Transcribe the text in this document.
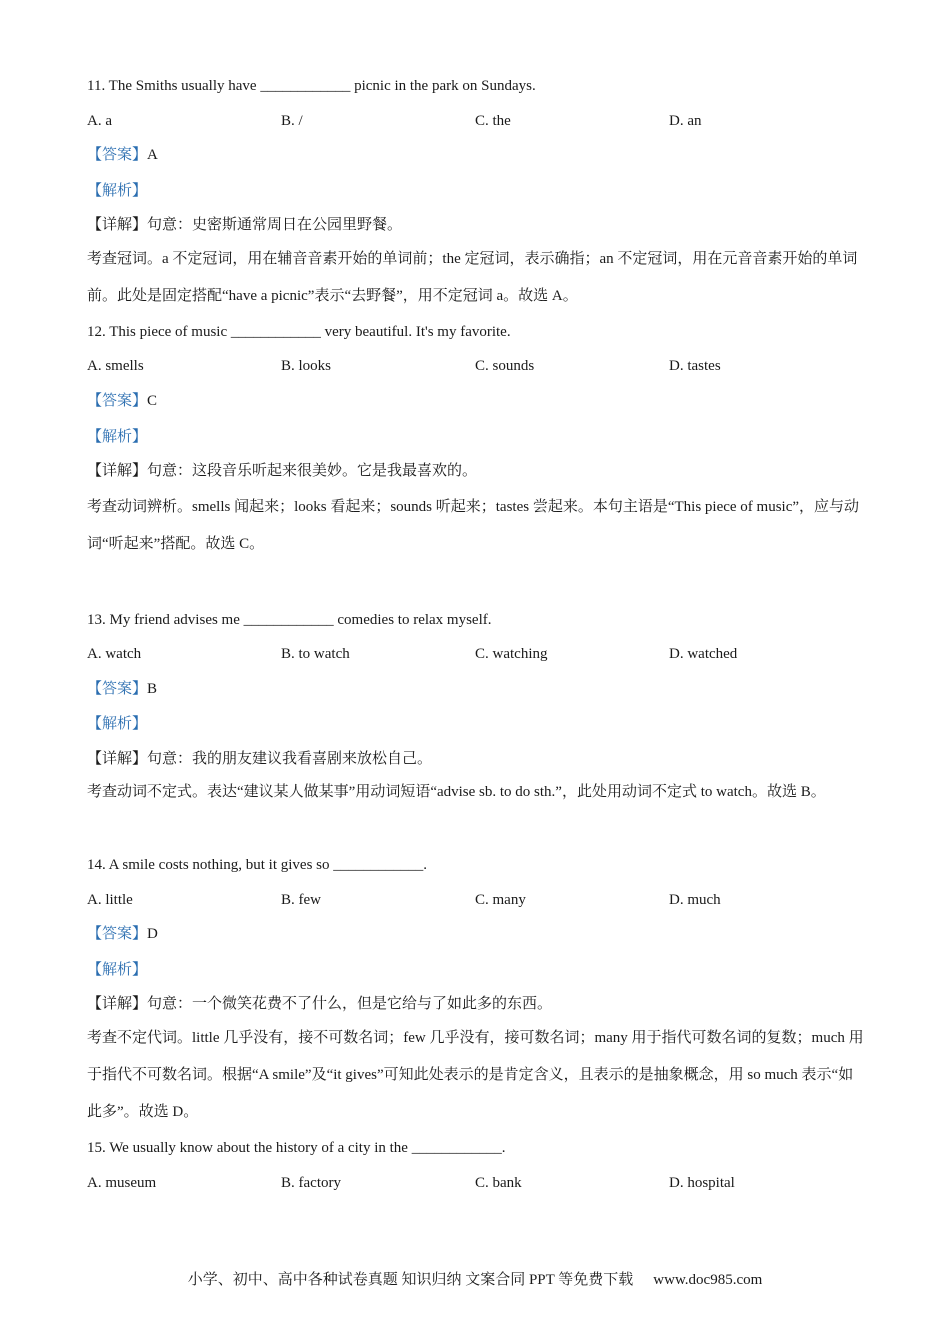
11. The Smiths usually have ____________ picnic in the park on Sundays.
A. a	B. /	C. the	D. an
【答案】A
【解析】
【详解】句意：史密斯通常周日在公园里野餐。
考查冠词。a 不定冠词，用在辅音音素开始的单词前；the 定冠词，表示确指；an 不定冠词，用在元音音素开始的单词前。此处是固定搭配“have a picnic”表示“去野餐”，用不定冠词 a。故选 A。
12. This piece of music ____________ very beautiful. It's my favorite.
A. smells	B. looks	C. sounds	D. tastes
【答案】C
【解析】
【详解】句意：这段音乐听起来很美妙。它是我最喜欢的。
考查动词辨析。smells 闻起来；looks 看起来；sounds 听起来；tastes 尝起来。本句主语是“This piece of music”，应与动词“听起来”搭配。故选 C。
13. My friend advises me ____________ comedies to relax myself.
A. watch	B. to watch	C. watching	D. watched
【答案】B
【解析】
【详解】句意：我的朋友建议我看喜剧来放松自己。
考查动词不定式。表达“建议某人做某事”用动词短语“advise sb. to do sth.”，此处用动词不定式 to watch。故选 B。
14. A smile costs nothing, but it gives so ____________.
A. little	B. few	C. many	D. much
【答案】D
【解析】
【详解】句意：一个微笑花费不了什么，但是它给与了如此多的东西。
考查不定代词。little 几乎没有，接不可数名词；few 几乎没有，接可数名词；many 用于指代可数名词的复数；much 用于指代不可数名词。根据“A smile”及“it gives”可知此处表示的是肯定含义，且表示的是抽象概念，用 so much 表示“如此多”。故选 D。
15. We usually know about the history of a city in the ____________.
A. museum	B. factory	C. bank	D. hospital
小学、初中、高中各种试卷真题 知识归纳 文案合同 PPT 等免费下载 www.doc985.com
